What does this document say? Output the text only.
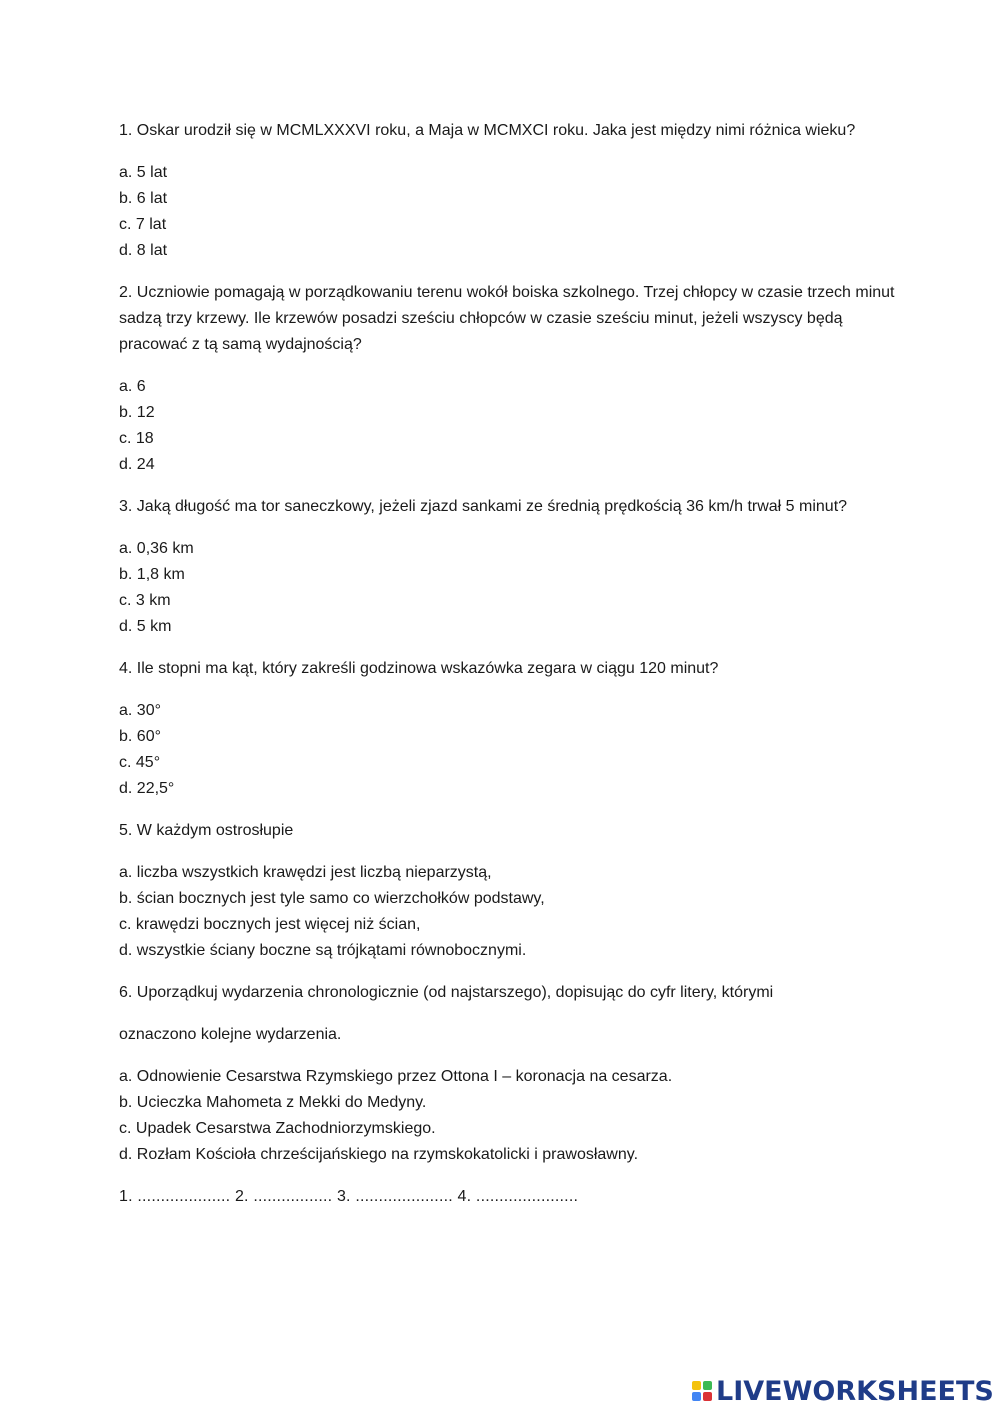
1. Oskar urodził się w MCMLXXXVI roku, a Maja w MCMXCI roku. Jaka jest między nimi różnica wieku?

a. 5 lat
b. 6 lat
c. 7 lat
d. 8 lat

2. Uczniowie pomagają w porządkowaniu terenu wokół boiska szkolnego. Trzej chłopcy w czasie trzech minut sadzą trzy krzewy. Ile krzewów posadzi sześciu chłopców w czasie sześciu minut, jeżeli wszyscy będą pracować z tą samą wydajnością?

a. 6
b. 12
c. 18
d. 24

3. Jaką długość ma tor saneczkowy, jeżeli zjazd sankami ze średnią prędkością 36 km/h trwał 5 minut?

a. 0,36 km
b. 1,8 km
c. 3 km
d. 5 km

4. Ile stopni ma kąt, który zakreśli godzinowa wskazówka zegara w ciągu 120 minut?

a. 30°
b. 60°
c. 45°
d. 22,5°

5. W każdym ostrosłupie

a. liczba wszystkich krawędzi jest liczbą nieparzystą,
b. ścian bocznych jest tyle samo co wierzchołków podstawy,
c. krawędzi bocznych jest więcej niż ścian,
d. wszystkie ściany boczne są trójkątami równobocznymi.

6. Uporządkuj wydarzenia chronologicznie (od najstarszego), dopisując do cyfr litery, którymi

oznaczono kolejne wydarzenia.

a. Odnowienie Cesarstwa Rzymskiego przez Ottona I – koronacja na cesarza.
b. Ucieczka Mahometa z Mekki do Medyny.
c. Upadek Cesarstwa Zachodniorzymskiego.
d. Rozłam Kościoła chrześcijańskiego na rzymskokatolicki i prawosławny.

1. .................... 2. ................. 3. ..................... 4. ......................

LIVEWORKSHEETS
